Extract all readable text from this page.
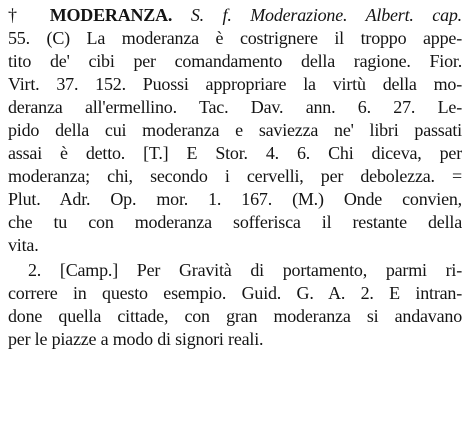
† MODERANZA. S. f. Moderazione. Albert. cap.
55. (C) La moderanza è costrignere il troppo appe-
tito de' cibi per comandamento della ragione. Fior.
Virt. 37. 152. Puossi appropriare la virtù della mo-
deranza all'ermellino. Tac. Dav. ann. 6. 27. Le-
pido della cui moderanza e saviezza ne' libri passati
assai è detto. [T.] E Stor. 4. 6. Chi diceva, per
moderanza; chi, secondo i cervelli, per debolezza. =
Plut. Adr. Op. mor. 1. 167. (M.) Onde convien,
che tu con moderanza sofferisca il restante della
vita.
2. [Camp.] Per Gravità di portamento, parmi ri-
correre in questo esempio. Guid. G. A. 2. E intran-
done quella cittade, con gran moderanza si andavano
per le piazze a modo di signori reali.
